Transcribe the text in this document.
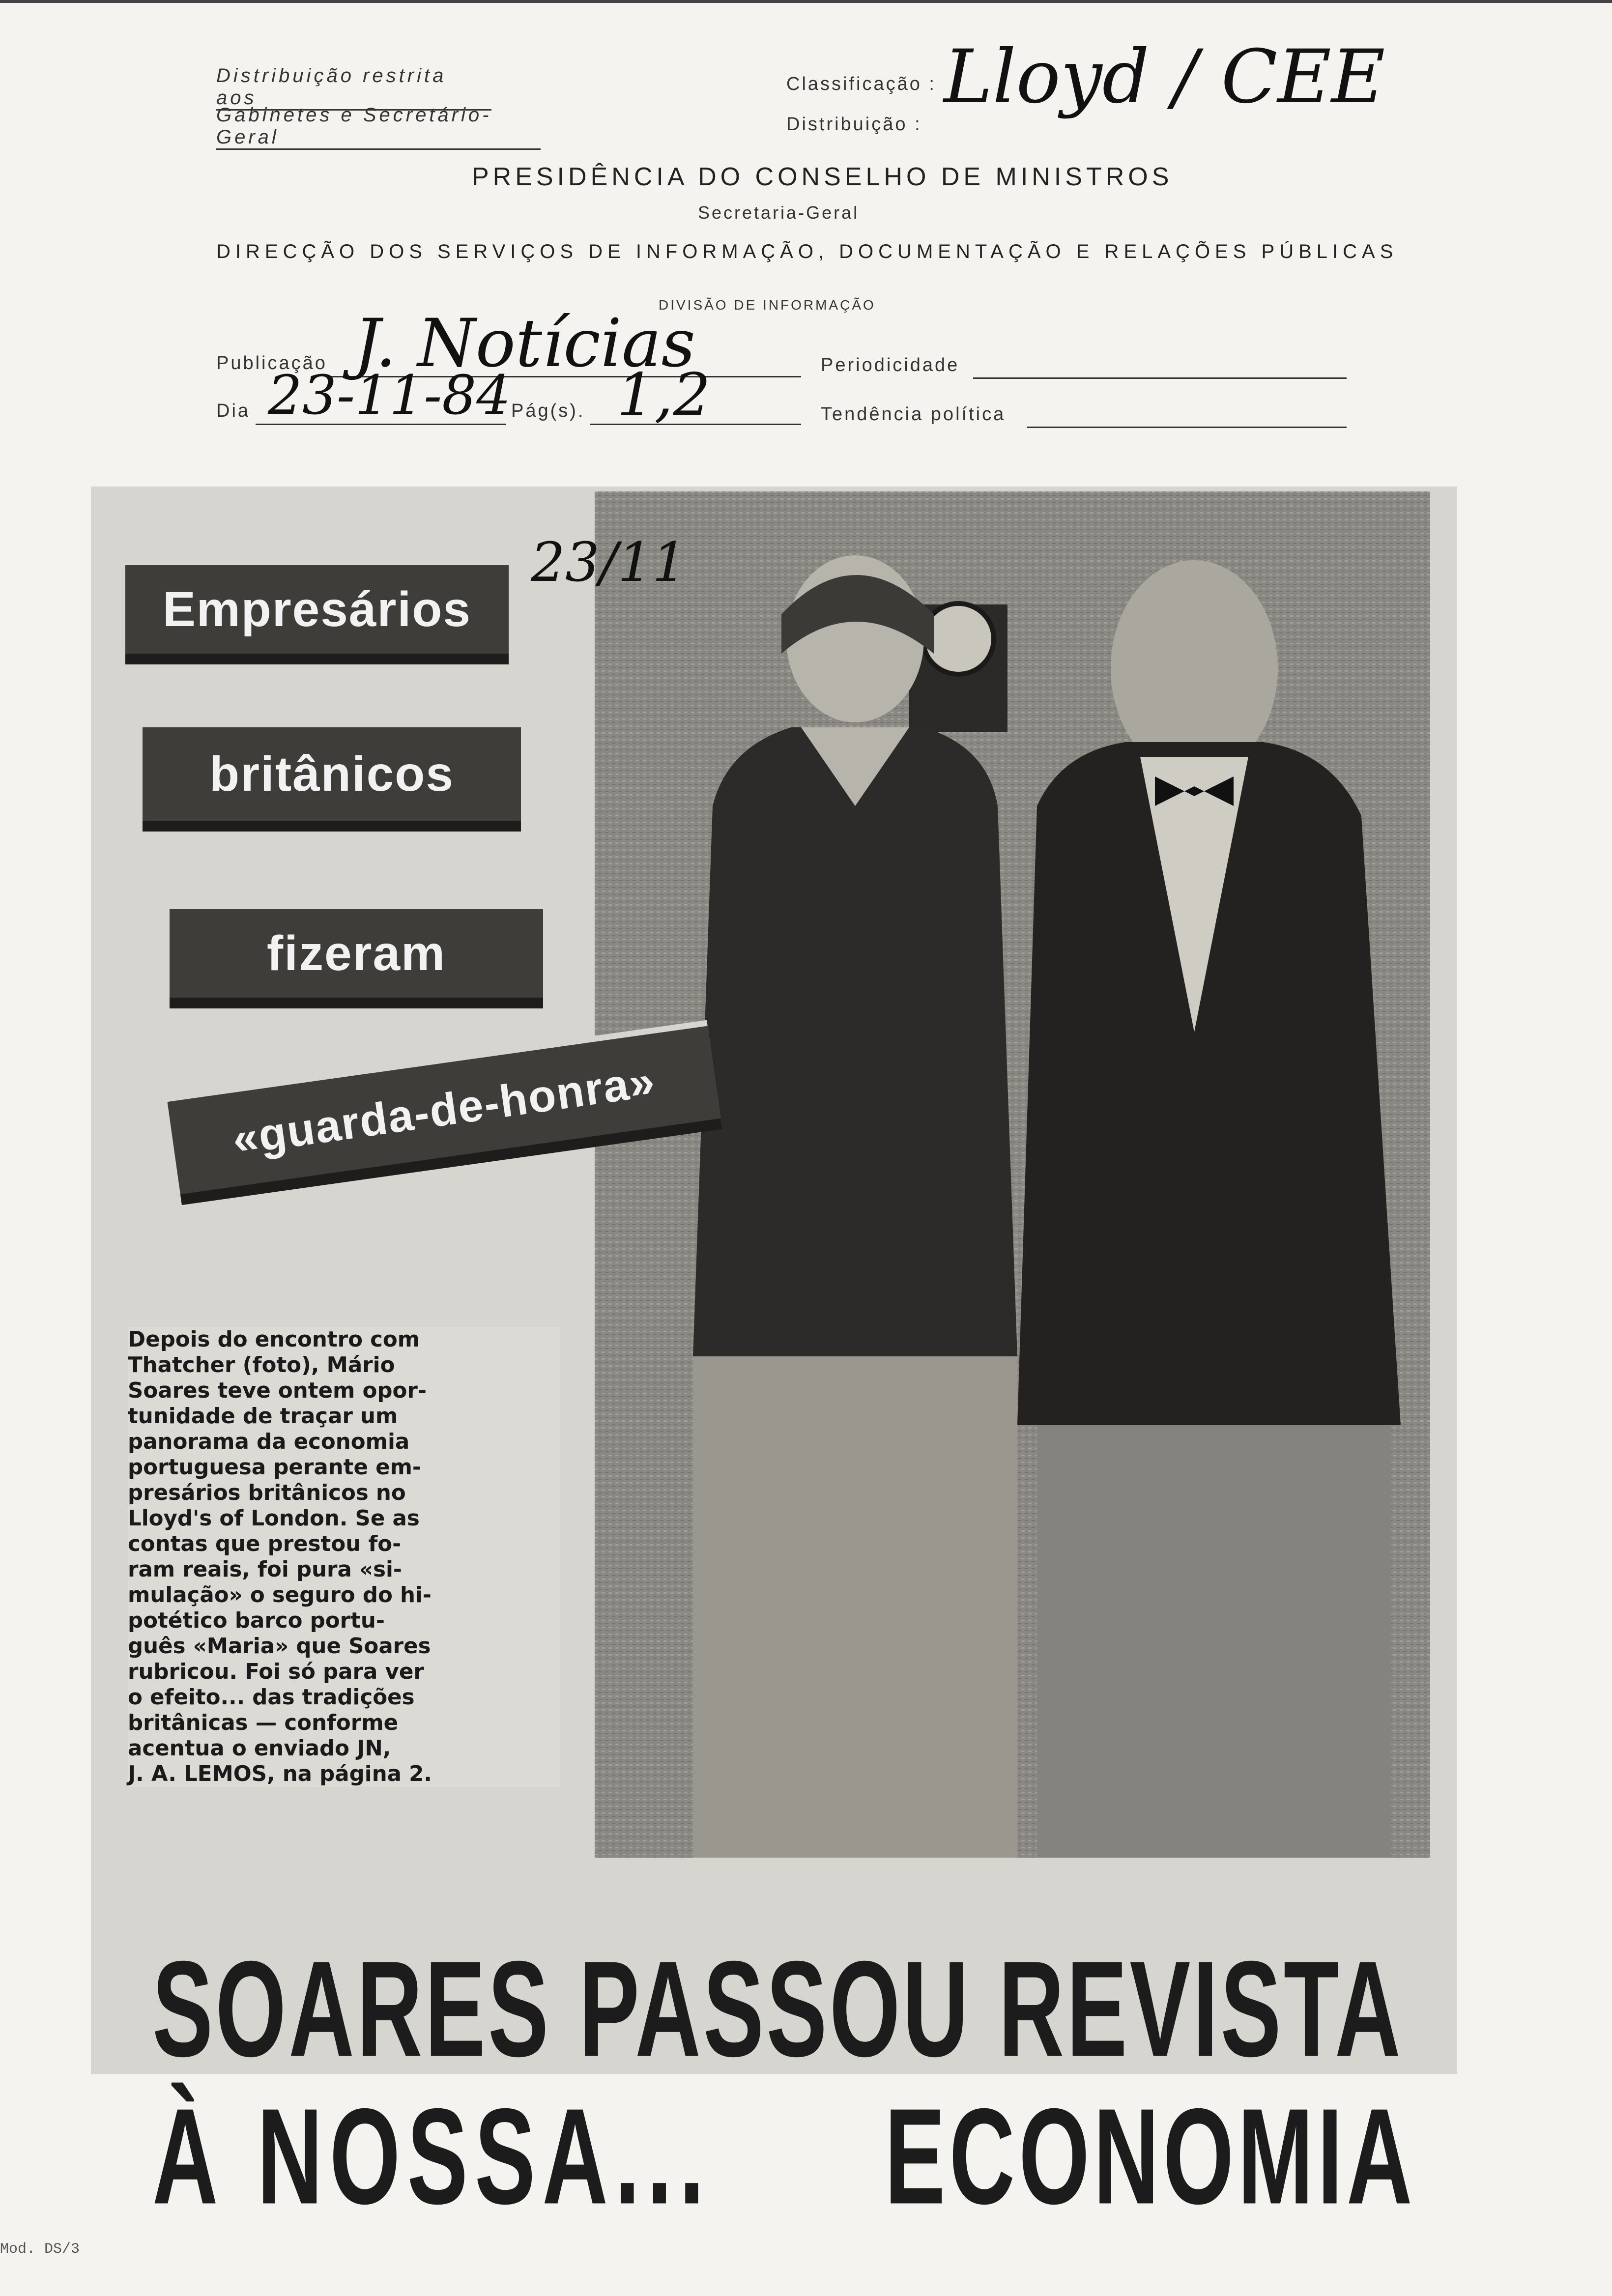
Distribuição restrita aos
Gabinetes e Secretário-Geral
Classificação :
Distribuição :
Lloyd / CEE
PRESIDÊNCIA DO CONSELHO DE MINISTROS
Secretaria-Geral
DIRECÇÃO DOS SERVIÇOS DE INFORMAÇÃO, DOCUMENTAÇÃO E RELAÇÕES PÚBLICAS
DIVISÃO DE INFORMAÇÃO
Publicação J. Notícias	Periodicidade
Dia 23-11-84 Pág(s). 1,2	Tendência política
23/11
Empresários
britânicos
fizeram
«guarda-de-honra»
Depois do encontro com
Thatcher (foto), Mário
Soares teve ontem opor-
tunidade de traçar um
panorama da economia
portuguesa perante em-
presários britânicos no
Lloyd's of London. Se as
contas que prestou fo-
ram reais, foi pura «si-
mulação» o seguro do hi-
potético barco portu-
guês «Maria» que Soares
rubricou. Foi só para ver
o efeito... das tradições
britânicas — conforme
acentua o enviado JN,
J. A. LEMOS, na página 2.
SOARES PASSOU REVISTA
À NOSSA... ECONOMIA
Mod. DS/3
